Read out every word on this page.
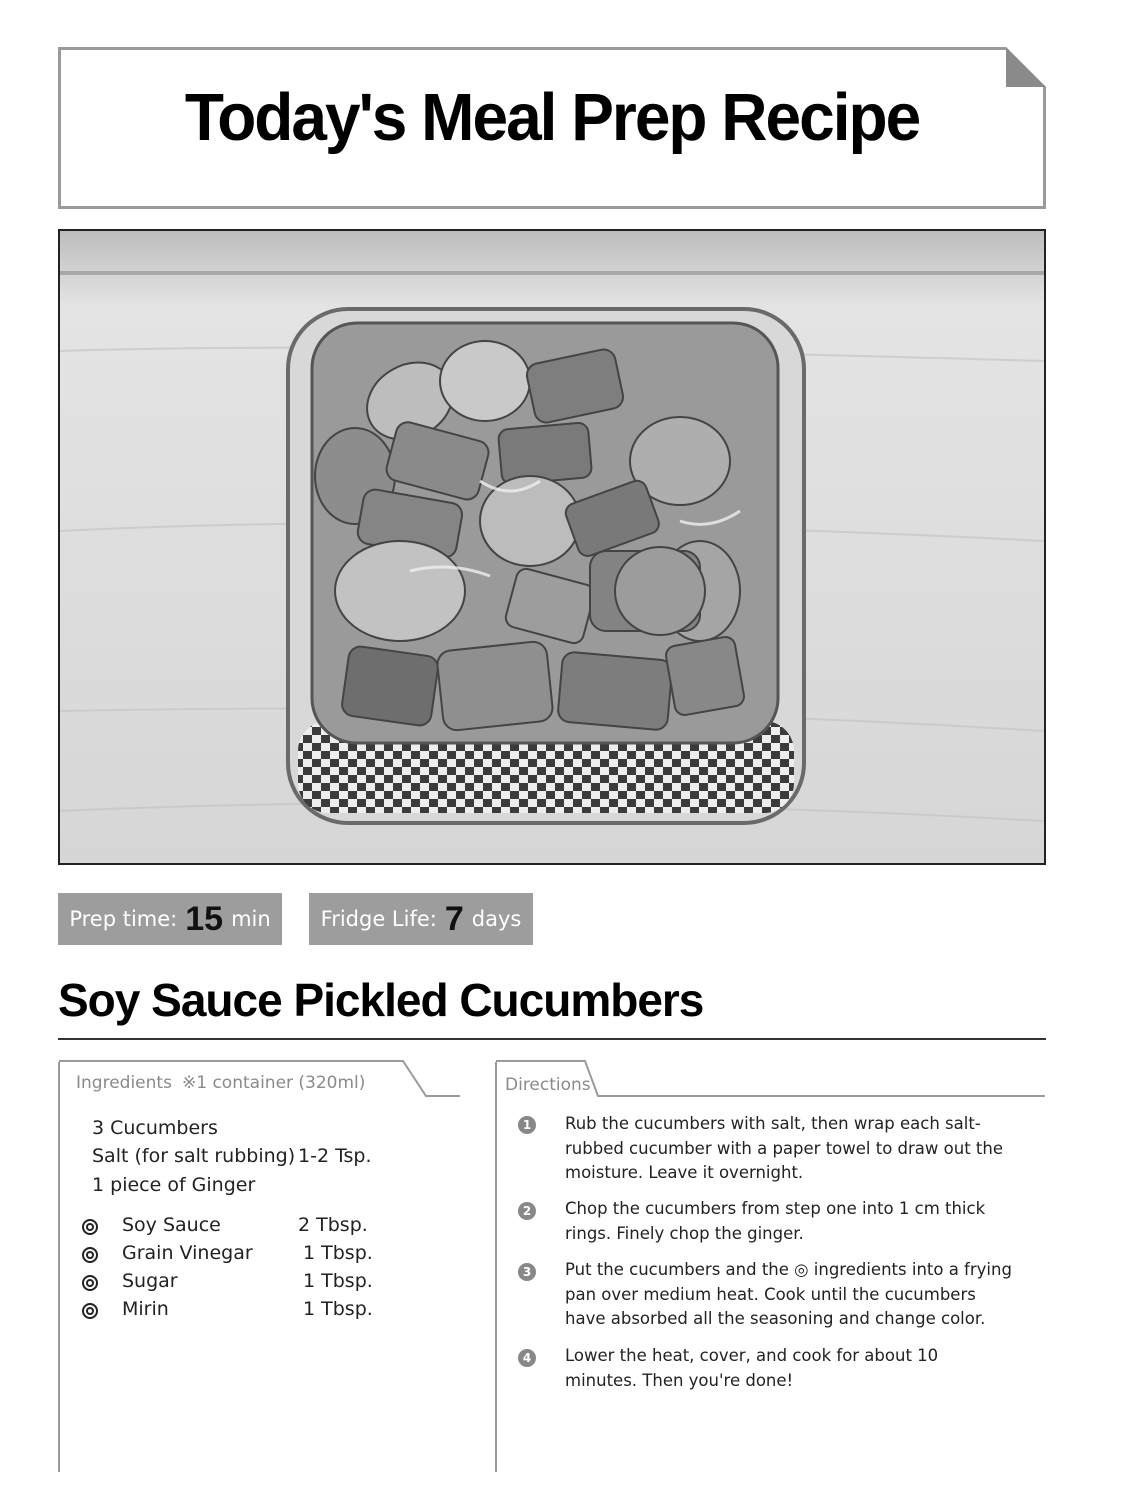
Today's Meal Prep Recipe
Prep time: 15 min Fridge Life: 7 days
Soy Sauce Pickled Cucumbers
Ingredients ※1 container (320ml)
3 Cucumbers
Salt (for salt rubbing) 1-2 Tsp.
1 piece of Ginger
Soy Sauce	2 Tbsp.
Grain Vinegar	1 Tbsp.
Sugar	1 Tbsp.
Mirin	1 Tbsp.
Directions
1 Rub the cucumbers with salt, then wrap each salt-rubbed cucumber with a paper towel to draw out the moisture. Leave it overnight.
2 Chop the cucumbers from step one into 1 cm thick rings. Finely chop the ginger.
3 Put the cucumbers and the ◎ ingredients into a frying pan over medium heat. Cook until the cucumbers have absorbed all the seasoning and change color.
4 Lower the heat, cover, and cook for about 10 minutes. Then you're done!
